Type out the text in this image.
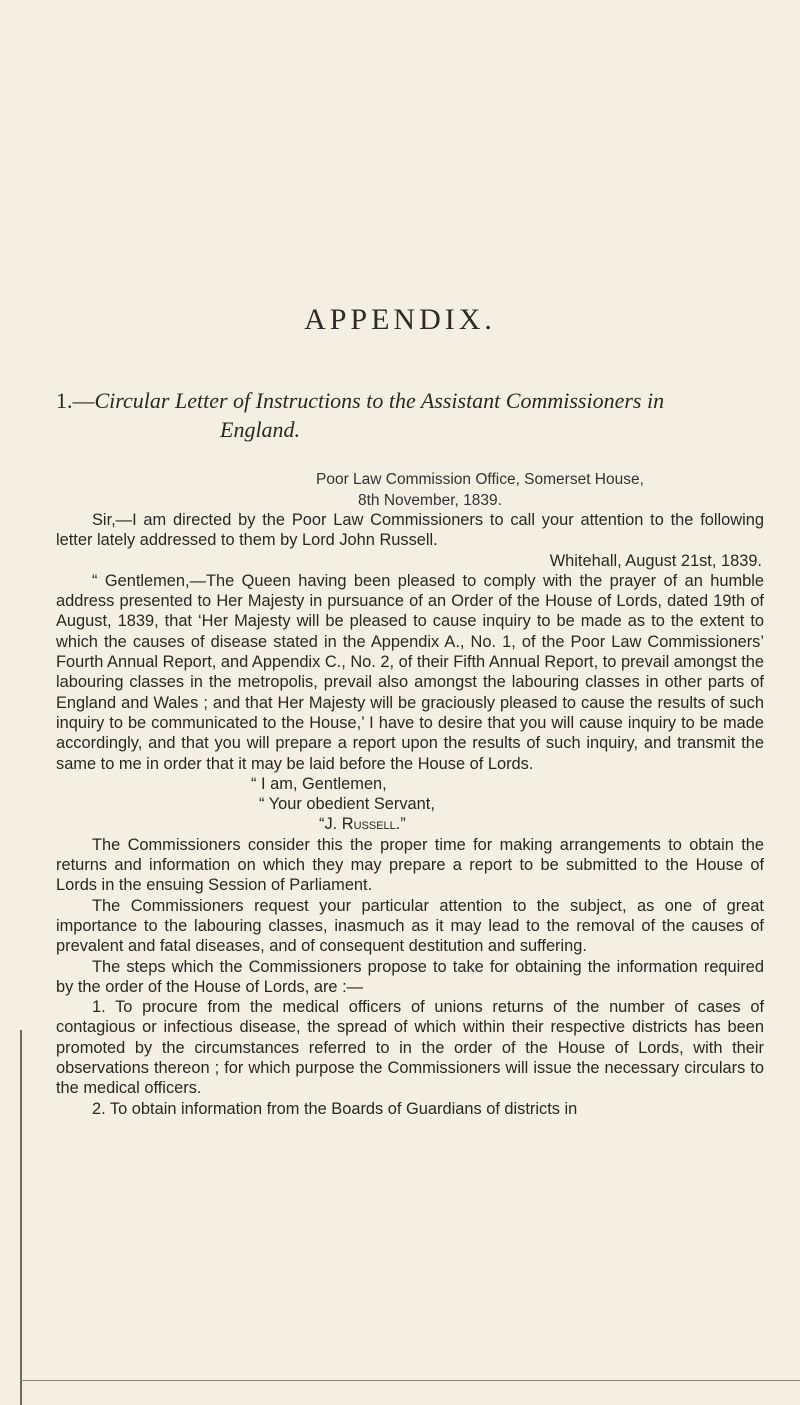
APPENDIX.
1.—Circular Letter of Instructions to the Assistant Commissioners in
England.
Poor Law Commission Office, Somerset House,
8th November, 1839.

Sir,—I am directed by the Poor Law Commissioners to call your attention to the following letter lately addressed to them by Lord John Russell.

Whitehall, August 21st, 1839.

“ Gentlemen,—The Queen having been pleased to comply with the prayer of an humble address presented to Her Majesty in pursuance of an Order of the House of Lords, dated 19th of August, 1839, that ‘Her Majesty will be pleased to cause inquiry to be made as to the extent to which the causes of disease stated in the Appendix A., No. 1, of the Poor Law Commissioners’ Fourth Annual Report, and Appendix C., No. 2, of their Fifth Annual Report, to prevail amongst the labouring classes in the metropolis, prevail also amongst the labouring classes in other parts of England and Wales ; and that Her Majesty will be graciously pleased to cause the results of such inquiry to be communicated to the House,’ I have to desire that you will cause inquiry to be made accordingly, and that you will prepare a report upon the results of such inquiry, and transmit the same to me in order that it may be laid before the House of Lords.

“ I am, Gentlemen,

“ Your obedient Servant,

“J. Russell.”

The Commissioners consider this the proper time for making arrangements to obtain the returns and information on which they may prepare a report to be submitted to the House of Lords in the ensuing Session of Parliament.

The Commissioners request your particular attention to the subject, as one of great importance to the labouring classes, inasmuch as it may lead to the removal of the causes of prevalent and fatal diseases, and of consequent destitution and suffering.

The steps which the Commissioners propose to take for obtaining the information required by the order of the House of Lords, are :—

1. To procure from the medical officers of unions returns of the number of cases of contagious or infectious disease, the spread of which within their respective districts has been promoted by the circumstances referred to in the order of the House of Lords, with their observations thereon ; for which purpose the Commissioners will issue the necessary circulars to the medical officers.

2. To obtain information from the Boards of Guardians of districts in
